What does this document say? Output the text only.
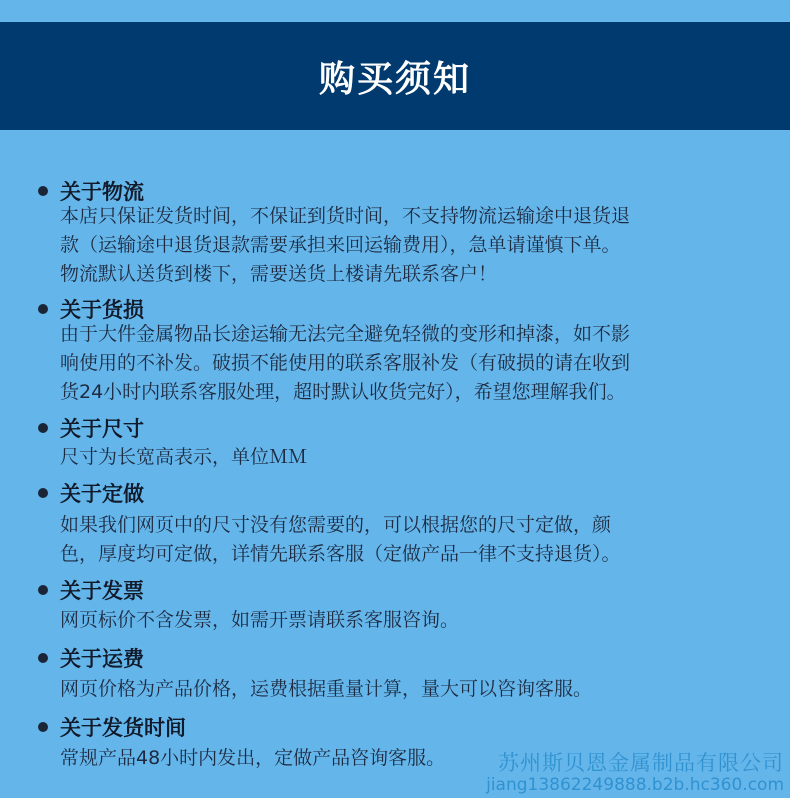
购买须知
关于物流
本店只保证发货时间，不保证到货时间，不支持物流运输途中退货退
款（运输途中退货退款需要承担来回运输费用），急单请谨慎下单。
物流默认送货到楼下，需要送货上楼请先联系客户！
关于货损
由于大件金属物品长途运输无法完全避免轻微的变形和掉漆，如不影
响使用的不补发。破损不能使用的联系客服补发（有破损的请在收到
货24小时内联系客服处理，超时默认收货完好），希望您理解我们。
关于尺寸
尺寸为长宽高表示，单位ＭＭ
关于定做
如果我们网页中的尺寸没有您需要的，可以根据您的尺寸定做，颜
色，厚度均可定做，详情先联系客服（定做产品一律不支持退货）。
关于发票
网页标价不含发票，如需开票请联系客服咨询。
关于运费
网页价格为产品价格，运费根据重量计算，量大可以咨询客服。
关于发货时间
常规产品48小时内发出，定做产品咨询客服。	苏州斯贝恩金属制品有限公司
jiang13862249888.b2b.hc360.com
